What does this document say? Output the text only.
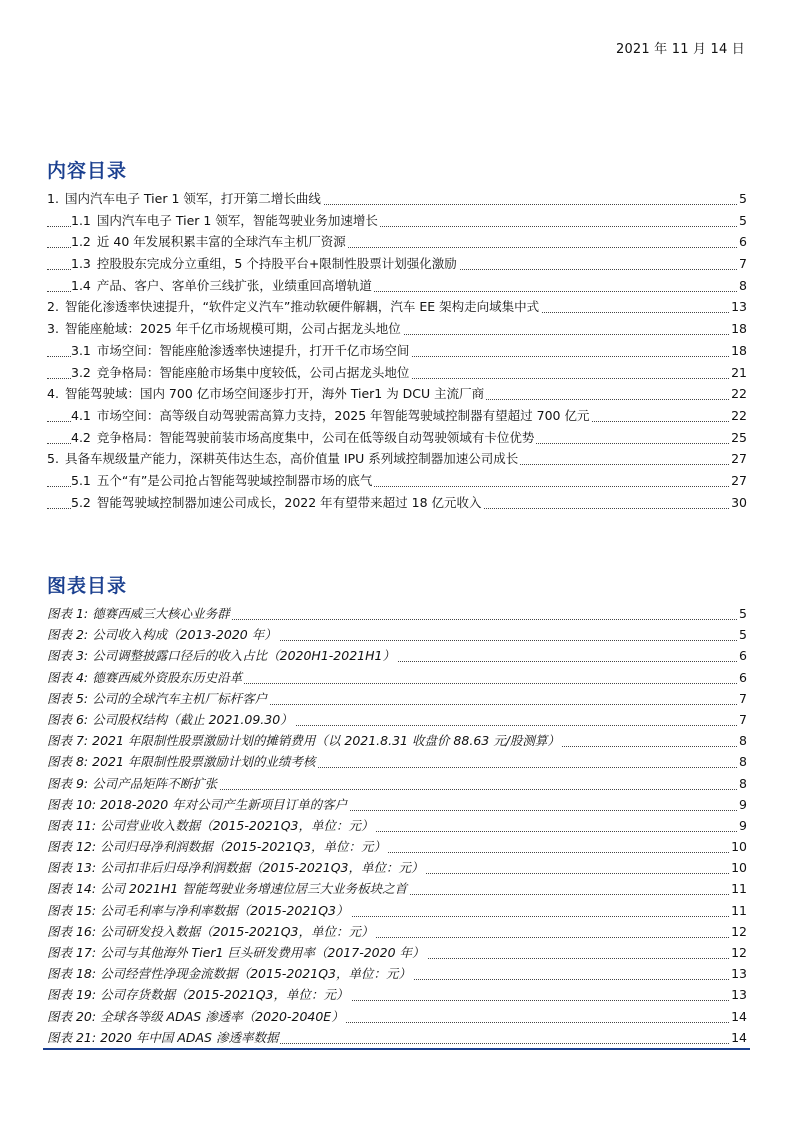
2021 年 11 月 14 日
内容目录
1. 国内汽车电子 Tier 1 领军，打开第二增长曲线	5
1.1 国内汽车电子 Tier 1 领军，智能驾驶业务加速增长	5
1.2 近 40 年发展积累丰富的全球汽车主机厂资源	6
1.3 控股股东完成分立重组，5 个持股平台+限制性股票计划强化激励	7
1.4 产品、客户、客单价三线扩张，业绩重回高增轨道	8
2. 智能化渗透率快速提升，“软件定义汽车”推动软硬件解耦，汽车 EE 架构走向域集中式	13
3. 智能座舱域：2025 年千亿市场规模可期，公司占据龙头地位	18
3.1 市场空间：智能座舱渗透率快速提升，打开千亿市场空间	18
3.2 竞争格局：智能座舱市场集中度较低，公司占据龙头地位	21
4. 智能驾驶域：国内 700 亿市场空间逐步打开，海外 Tier1 为 DCU 主流厂商	22
4.1 市场空间：高等级自动驾驶需高算力支持，2025 年智能驾驶域控制器有望超过 700 亿元	22
4.2 竞争格局：智能驾驶前装市场高度集中，公司在低等级自动驾驶领域有卡位优势	25
5. 具备车规级量产能力，深耕英伟达生态，高价值量 IPU 系列域控制器加速公司成长	27
5.1 五个“有”是公司抢占智能驾驶域控制器市场的底气	27
5.2 智能驾驶域控制器加速公司成长，2022 年有望带来超过 18 亿元收入	30
图表目录
图表 1: 德赛西威三大核心业务群	5
图表 2: 公司收入构成（2013-2020 年）	5
图表 3: 公司调整披露口径后的收入占比（2020H1-2021H1）	6
图表 4: 德赛西威外资股东历史沿革	6
图表 5: 公司的全球汽车主机厂标杆客户	7
图表 6: 公司股权结构（截止 2021.09.30）	7
图表 7: 2021 年限制性股票激励计划的摊销费用（以 2021.8.31 收盘价 88.63 元/股测算）	8
图表 8: 2021 年限制性股票激励计划的业绩考核	8
图表 9: 公司产品矩阵不断扩张	8
图表 10: 2018-2020 年对公司产生新项目订单的客户	9
图表 11: 公司营业收入数据（2015-2021Q3，单位：元）	9
图表 12: 公司归母净利润数据（2015-2021Q3，单位：元）	10
图表 13: 公司扣非后归母净利润数据（2015-2021Q3，单位：元）	10
图表 14: 公司 2021H1 智能驾驶业务增速位居三大业务板块之首	11
图表 15: 公司毛利率与净利率数据（2015-2021Q3）	11
图表 16: 公司研发投入数据（2015-2021Q3，单位：元）	12
图表 17: 公司与其他海外 Tier1 巨头研发费用率（2017-2020 年）	12
图表 18: 公司经营性净现金流数据（2015-2021Q3，单位：元）	13
图表 19: 公司存货数据（2015-2021Q3，单位：元）	13
图表 20: 全球各等级 ADAS 渗透率（2020-2040E）	14
图表 21: 2020 年中国 ADAS 渗透率数据	14
